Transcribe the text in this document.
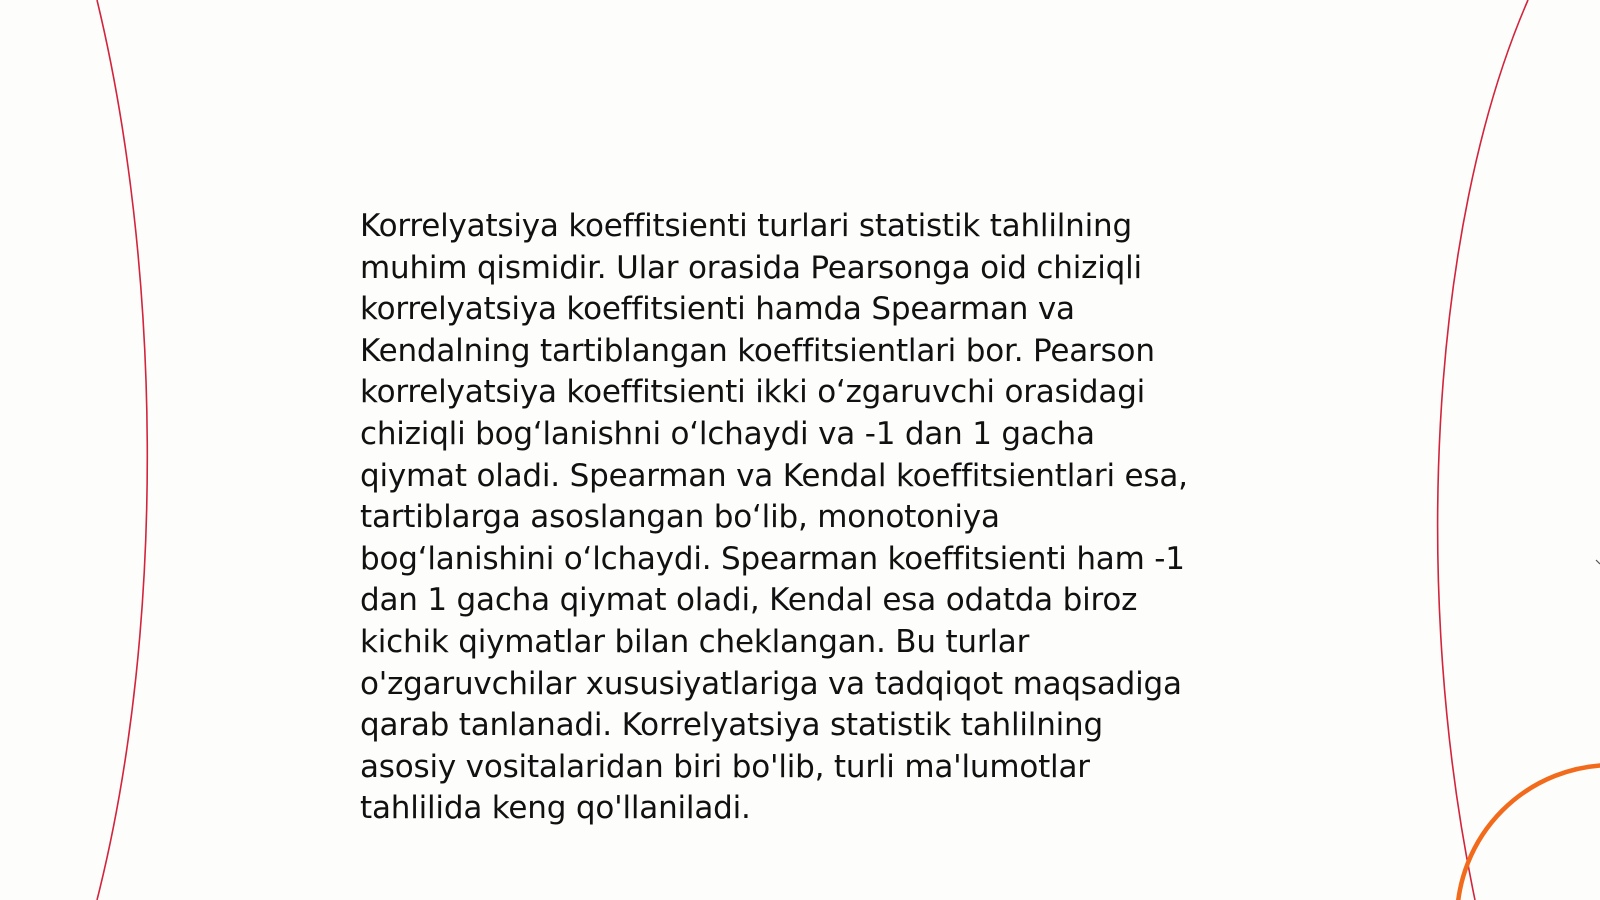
Korrelyatsiya koeffitsienti turlari statistik tahlilning
muhim qismidir. Ular orasida Pearsonga oid chiziqli
korrelyatsiya koeffitsienti hamda Spearman va
Kendalning tartiblangan koeffitsientlari bor. Pearson
korrelyatsiya koeffitsienti ikki o‘zgaruvchi orasidagi
chiziqli bog‘lanishni o‘lchaydi va -1 dan 1 gacha
qiymat oladi. Spearman va Kendal koeffitsientlari esa,
tartiblarga asoslangan bo‘lib, monotoniya
bog‘lanishini o‘lchaydi. Spearman koeffitsienti ham -1
dan 1 gacha qiymat oladi, Kendal esa odatda biroz
kichik qiymatlar bilan cheklangan. Bu turlar
o'zgaruvchilar xususiyatlariga va tadqiqot maqsadiga
qarab tanlanadi. Korrelyatsiya statistik tahlilning
asosiy vositalaridan biri bo'lib, turli ma'lumotlar
tahlilida keng qo'llaniladi.
